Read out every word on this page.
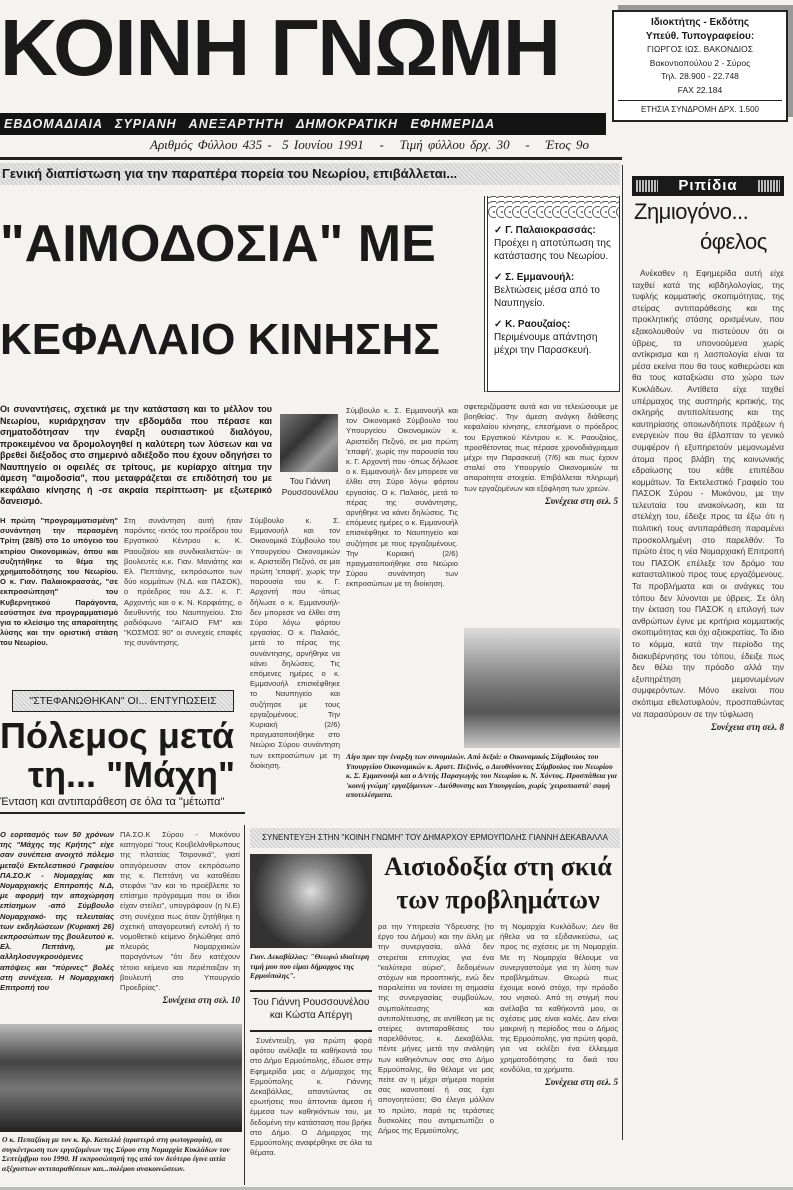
ΚΟΙΝΗ ΓΝΩΜΗ	Ιδιοκτήτης - Εκδότης
Υπεύθ. Τυπογραφείου:
ΓΙΩΡΓΟΣ ΙΩΣ. ΒΑΚΟΝΔΙΟΣ
Βακοντιοπούλου 2 - Σύρος
Τηλ. 28.900 - 22.748
FAX 22.184
ΕΤΗΣΙΑ ΣΥΝΔΡΟΜΗ ΔΡΧ. 1.500
ΕΒΔΟΜΑΔΙΑΙΑ ΣΥΡΙΑΝΗ ΑΝΕΞΑΡΤΗΤΗ ΔΗΜΟΚΡΑΤΙΚΗ ΕΦΗΜΕΡΙΔΑ
Αριθμός Φύλλου 435 -  5 Ιουνίου 1991   -   Τιμή φύλλου δρχ. 30   -   Έτος 9ο
Γενική διαπίστωση για την παραπέρα πορεία του Νεωρίου, επιβάλλεται...
"ΑΙΜΟΔΟΣΙΑ" ΜΕ
ΚΕΦΑΛΑΙΟ ΚΙΝΗΣΗΣ

✓ Γ. Παλαιοκρασσάς: Προέχει η αποτύπωση της κατάστασης του Νεωρίου.

✓ Σ. Εμμανουήλ: Βελτιώσεις μέσα από το Ναυπηγείο.

✓ Κ. Ραουζαίος: Περιμένουμε απάντηση μέχρι την Παρασκευή.

Οι συναντήσεις, σχετικά με την κατάσταση και το μέλλον του Νεωρίου, κυριάρχησαν την εβδομάδα που πέρασε και σηματοδότησαν την έναρξη ουσιαστικού διαλόγου, προκειμένου να δρομολογηθεί η καλύτερη των λύσεων και να βρεθεί διέξοδος στο σημερινό αδιέξοδο που έχουν οδηγήσει το Ναυπηγείο οι οφειλές σε τρίτους, με κυρίαρχο αίτημα την άμεση "αιμοδοσία", που μεταφράζεται σε επιδότησή του με κεφάλαιο κίνησης ή -σε ακραία περίπτωση- με εξωτερικό δανεισμό.
Του Γιάννη Ρουσσουνέλου
Η πρώτη "προγραμματισμένη" συνάντηση την περασμένη Τρίτη (28/5) στο 1ο υπόγειο του κτιρίου Οικονομικών, όπου και συζητήθηκε το θέμα της χρηματοδότησης του Νεωρίου. Ο κ. Γιαν. Παλαιοκρασσάς, "σε εκπροσώπηση" του Κυβερνητικού Παράγοντα, εσύστησε ένα προγραμματισμό για το κλείσιμο της απαραίτητης λύσης και την οριστική στάση του Νεωρίου.
Στη συνάντηση αυτή ήταν παρόντες -εκτός του προέδρου του Εργατικού Κέντρου κ. Κ. Ραουζαίου και συνδικαλιστών- οι βουλευτές κ.κ. Γιαν. Μανιάτης και Ελ. Πεπτάνης, εκπρόσωποι των δύο κομμάτων (Ν.Δ. και ΠΑΣΟΚ), ο πρόεδρος του Δ.Σ. κ. Γ. Αρχοντής και ο κ. Ν. Κορφιάτης, ο διευθυντής του Ναυπηγείου. Στο ραδιόφωνο "ΑΙΓΑΙΟ FM" και "ΚΟΣΜΟΣ 90" οι συνεχείς επαφές της συνάντησης.
Σύμβουλο κ. Σ. Εμμανουήλ και τον Οικονομικό Σύμβουλο του Υπουργείου Οικονομικών κ. Αριστείδη Πεζινό, σε μια πρώτη 'επαφή', χωρίς την παρουσία του κ. Γ. Αρχοντή που -όπως δήλωσε ο κ. Εμμανουήλ- δεν μπορεσε να έλθει στη Σύρο λόγω φόρτου εργασίας. Ο κ. Παλαιός, μετά το πέρας της συνάντησης, αρνήθηκε να κάνει δηλώσεις. Τις επόμενες ημέρες ο κ. Εμμανουήλ επισκέφθηκε το Ναυπηγείο και συζήτησε με τους εργαζομένους. Την Κυριακή (2/6) πραγματοποιήθηκε στο Νεώριο Σύρου συνάντηση των εκπροσώπων με τη διοίκηση.
Σύμβουλο κ. Σ. Εμμανουήλ και τον Οικονομικό Σύμβουλο του Υπουργείου Οικονομικών κ. Αριστείδη Πεζινό, σε μια πρώτη 'επαφή', χωρίς την παρουσία του κ. Γ. Αρχοντή που -όπως δήλωσε ο κ. Εμμανουήλ- δεν μπορεσε να έλθει στη Σύρο λόγω φόρτου εργασίας. Ο κ. Παλαιός, μετά το πέρας της συνάντησης, αρνήθηκε να κάνει δηλώσεις. Τις επόμενες ημέρες ο κ. Εμμανουήλ επισκέφθηκε το Ναυπηγείο και συζήτησε με τους εργαζομένους. Την Κυριακή (2/6) πραγματοποιήθηκε στο Νεώριο Σύρου συνάντηση των εκπροσώπων με τη διοίκηση.
σφετεριζόμαστε αυτά και να τελειώσουμε με βοηθείας'. Την άμεση ανάγκη διάθεσης κεφαλαίου κίνησης, επεσήμανε ο πρόεδρος του Εργατικού Κέντρου κ. Κ. Ραουζαίος, προσθέτοντας πως πέρασε χρονοδιάγραμμα μέχρι την Παρασκευή (7/6) και πως έχουν σταλεί στο Υπουργείο Οικονομικών τα απαραίτητα στοιχεία. Επιβάλλεται πληρωμή των εργαζομένων και εξόφληση των χρεών.
Συνέχεια στη σελ. 5
Λίγο πριν την έναρξη των συνομιλιών. Από δεξιά: ο Οικονομικός Σύμβουλος του Υπουργείου Οικονομικών κ. Αριστ. Πεζινός, ο Διευθύνοντας Σύμβουλος του Νεωρίου κ. Σ. Εμμανουήλ και ο Δ/ντής Παραγωγής του Νεωρίου κ. Ν. Χόντος. Προσπάθεια για 'κοινή γνώμη' εργαζόμενων - Διεύθυνσης και Υπουργείου, χωρίς 'χειροπιαστά' σαφή αποτελέσματα.
Ριπίδια
Ζημιογόνο...
όφελος
Ανέκαθεν η Εφημερίδα αυτή είχε ταχθεί κατά της κιβδηλολογίας, της τυφλής κομματικής σκοπιμότητας, της στείρας αντιπαράθεσης και της προκλητικής στάσης ορισμένων, που εξακολουθούν να πιστεύουν ότι οι ύβρεις, τα υπονοούμενα χωρίς αντίκρισμα και η λασπολογία είναι τα μέσα εκείνα που θα τους καθιερώσει και θα τους καταξιώσει στο χώρο των Κυκλάδων. Αντίθετα είχε ταχθεί υπέρμαχος της αυστηρής κριτικής, της σκληρής αντιπολίτευσης και της καυτηρίασης οποιωνδήποτε πράξεων ή ενεργειών που θα έβλαπταν το γενικό συμφέρον ή εξυπηρετούν μεμονωμένα άτομα προς βλάβη της κοινωνικής εδραίωσης του κάθε επιπέδου κομμάτων. Τα Εκτελεστικό Γραφείο του ΠΑΣΟΚ Σύρου - Μυκόνου, με την τελευταία του ανακοίνωση, και τα στελέχη του, έδειξε προς τα έξω ότι η πολιτική τους αντιπαράθεση παραμένει προσκολλημένη στο παρελθόν. Το πρώτο έτος η νέα Νομαρχιακή Επιτροπή του ΠΑΣΟΚ επέλεξε τον δρόμο του κατασταλτικού προς τους εργαζόμενους. Τα προβλήματα και οι ανάγκες του τόπου δεν λύνονται με ύβρεις. Σε όλη την έκταση του ΠΑΣΟΚ η επιλογή των ανθρώπων έγινε με κριτήρια κομματικής σκοπιμότητας και όχι αξιοκρατίας. Το ίδιο το κόμμα, κατά την περίοδο της διακυβέρνησης του τόπου, έδειξε πως δεν θέλει την πρόοδο αλλά την εξυπηρέτηση μεμονωμένων συμφερόντων. Μόνο εκείνοι που σκόπιμα εθελοτυφλούν, προσπαθώντας να παρασύρουν σε την τύφλωση
Συνέχεια στη σελ. 8
"ΣΤΕΦΑΝΩΘΗΚΑΝ" ΟΙ... ΕΝΤΥΠΩΣΕΙΣ
Πόλεμος μετά
τη... "Μάχη"
Ένταση και αντιπαράθεση σε όλα τα "μέτωπα"
Ο εορτασμός των 50 χρόνων της "Μάχης της Κρήτης" είχε σαν συνέπεια ανοιχτό πόλεμο μεταξύ Εκτελεστικού Γραφείου ΠΑ.ΣΟ.Κ - Νομαρχίας και Νομαρχιακής Επιτροπής Ν.Δ, με αφορμή την αποχώρηση επίσημων -από Σύμβουλο Νομαρχιακό- της τελευταίας των εκδηλώσεων (Κυριακή 26) εκπροσώπων της βουλευτού κ. Ελ. Πεπτάνη, με αλληλοσυγκρουόμενες απόψεις και "πύρινες" βολές στη συνέχεια. Η Νομαρχιακή Επιτροπή του
ΠΑ.ΣΟ.Κ Σύρου - Μυκόνου κατηγορεί "τους Κουβελάνθρωπους της πλατείας Τσιρονικά", γιατί απαγόρευσαν στον εκπρόσωπο της κ. Πεπτάνη να καταθέσει στεφάνι "αν και το προέβλεπε το επίσημο πρόγραμμα που οι ίδιοι είχαν στείλει", υπογράφουν (η Ν.Ε) στη συνέχεια πως όταν ζητήθηκε η σχετική απαγορευτική εντολή ή το νομοθετικό κείμενο δηλώθηκε από πλευράς Νομαρχιακών παραγόντων "ότι δεν κατέχουν τέτοιο κείμενο και περιέπαιξαν τη βουλευτή στο Υπουργείο Προεδρίας".
Συνέχεια στη σελ. 10
Ο κ. Πεπαζάκη με τον κ. Κρ. Καπελλά (αριστερά στη φωτογραφία), σε συγκέντρωση των εργαζομένων της Σύρου στη Νομαρχία Κυκλάδων τον Σεπτέμβριο του 1990. Η εκπροσώπησή της από τον δεύτερο έγινε αιτία αξέχαστων αντιπαραθέσεων και...πολέμου ανακοινώσεων.
ΣΥΝΕΝΤΕΥΞΗ ΣΤΗΝ "ΚΟΙΝΗ ΓΝΩΜΗ" ΤΟΥ ΔΗΜΑΡΧΟΥ ΕΡΜΟΥΠΟΛΗΣ ΓΙΑΝΝΗ ΔΕΚΑΒΑΛΛΑ
Αισιοδοξία στη σκιά των προβλημάτων
Γιαν. Δεκαβάλλας: "Θεωρώ ιδιαίτερη τιμή μου που είμαι δήμαρχος της Ερμούπολης".
Του Γιάννη Ρουσσουνέλου
και Κώστα Απέργη
Συνέντευξη, για πρώτη φορά αφότου ανέλαβε τα καθήκοντά του στο Δήμο Ερμούπολης, έδωσε στην Εφημερίδα μας ο Δήμαρχος της Ερμούπολης κ. Γιάννης Δεκαβάλλας, απαντώντας σε ερωτήσεις που άπτονται άμεσα ή έμμεσα των καθηκόντων του, με δεδομένη την κατάσταση που βρήκε στο Δήμο. Ο Δήμαρχος της Ερμούπολης αναφέρθηκε σε όλα τα θέματα.
ρα την Υπηρεσία Ύδρευσης (το έργο του Δήμου) και την άλλη με την συνεργασία, αλλά δεν στερείται επιτυχίας για ένα "καλύτερο αύριο", δεδομένων στόχων και προοπτικής, ενώ δεν παραλείπει να τονίσει τη σημασία της συνεργασίας συμβούλων, συμπολίτευσης και αντιπολίτευσης, σε αντίθεση με τις στείρες αντιπαραθέσεις του παρελθόντος. κ. Δεκαβάλλα, πέντε μήνες μετά την ανάληψη των καθηκόντων σας στο Δήμο Ερμούπολης, θα θέλαμε να μας πείτε αν η μέχρι σήμερα πορεία σας ικανοποιεί ή σας έχει απογοητεύσει; Θα έλεγα μάλλον το πρώτο, παρά τις τεράστιες δυσκολίες που αντιμετωπίζει ο Δήμος της Ερμούπολης.
τη Νομαρχία Κυκλάδων; Δεν θα ήθελα να τα εξιδανικεύσω, ως προς τις σχέσεις με τη Νομαρχία. Με τη Νομαρχία θέλουμε να συνεργαστούμε για τη λύση των προβλημάτων. Θεωρώ πως έχουμε κοινό στόχο, την πρόοδο του νησιού. Από τη στιγμή που ανέλαβα τα καθήκοντά μου, οι σχέσεις μας είναι καλές. Δεν είναι μακρινή η περίοδος που ο Δήμος της Ερμούπολης, για πρώτη φορά, για να εκλέξει ένα έλλειμμα χρηματοδότησης τα δικά του κονδύλια, τα χρήματα.
Συνέχεια στη σελ. 5
